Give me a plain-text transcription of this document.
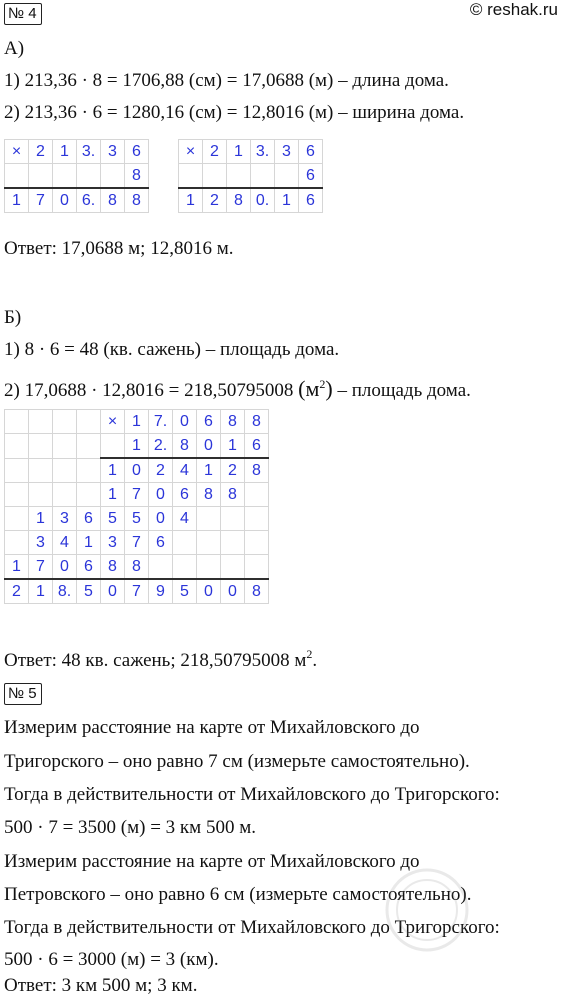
№ 4	© reshak.ru
А)
1) 213,36 · 8 = 1706,88 (см) = 17,0688 (м) – длина дома.
2) 213,36 · 6 = 1280,16 (см) = 12,8016 (м) – ширина дома.
×	2	1	3.	3	6
					8
1	7	0	6.	8	8
×	2	1	3.	3	6
					6
1	2	8	0.	1	6
Ответ: 17,0688 м; 12,8016 м.
Б)
1) 8 · 6 = 48 (кв. сажень) – площадь дома.
2) 17,0688 · 12,8016 = 218,50795008 $(м^2)$ – площадь дома.
				×	1	7.	0	6	8	8
					1	2.	8	0	1	6
				1	0	2	4	1	2	8
				1	7	0	6	8	8	
	1	3	6	5	5	0	4			
	3	4	1	3	7	6				
1	7	0	6	8	8					
2	1	8.	5	0	7	9	5	0	0	8
Ответ: 48 кв. сажень; 218,50795008 $м^2$.
№ 5
Измерим расстояние на карте от Михайловского до
Тригорского – оно равно 7 см (измерьте самостоятельно).
Тогда в действительности от Михайловского до Тригорского:
500 · 7 = 3500 (м) = 3 км 500 м.
Измерим расстояние на карте от Михайловского до
Петровского – оно равно 6 см (измерьте самостоятельно).
Тогда в действительности от Михайловского до Тригорского:
500 · 6 = 3000 (м) = 3 (км).
Ответ: 3 км 500 м; 3 км.
